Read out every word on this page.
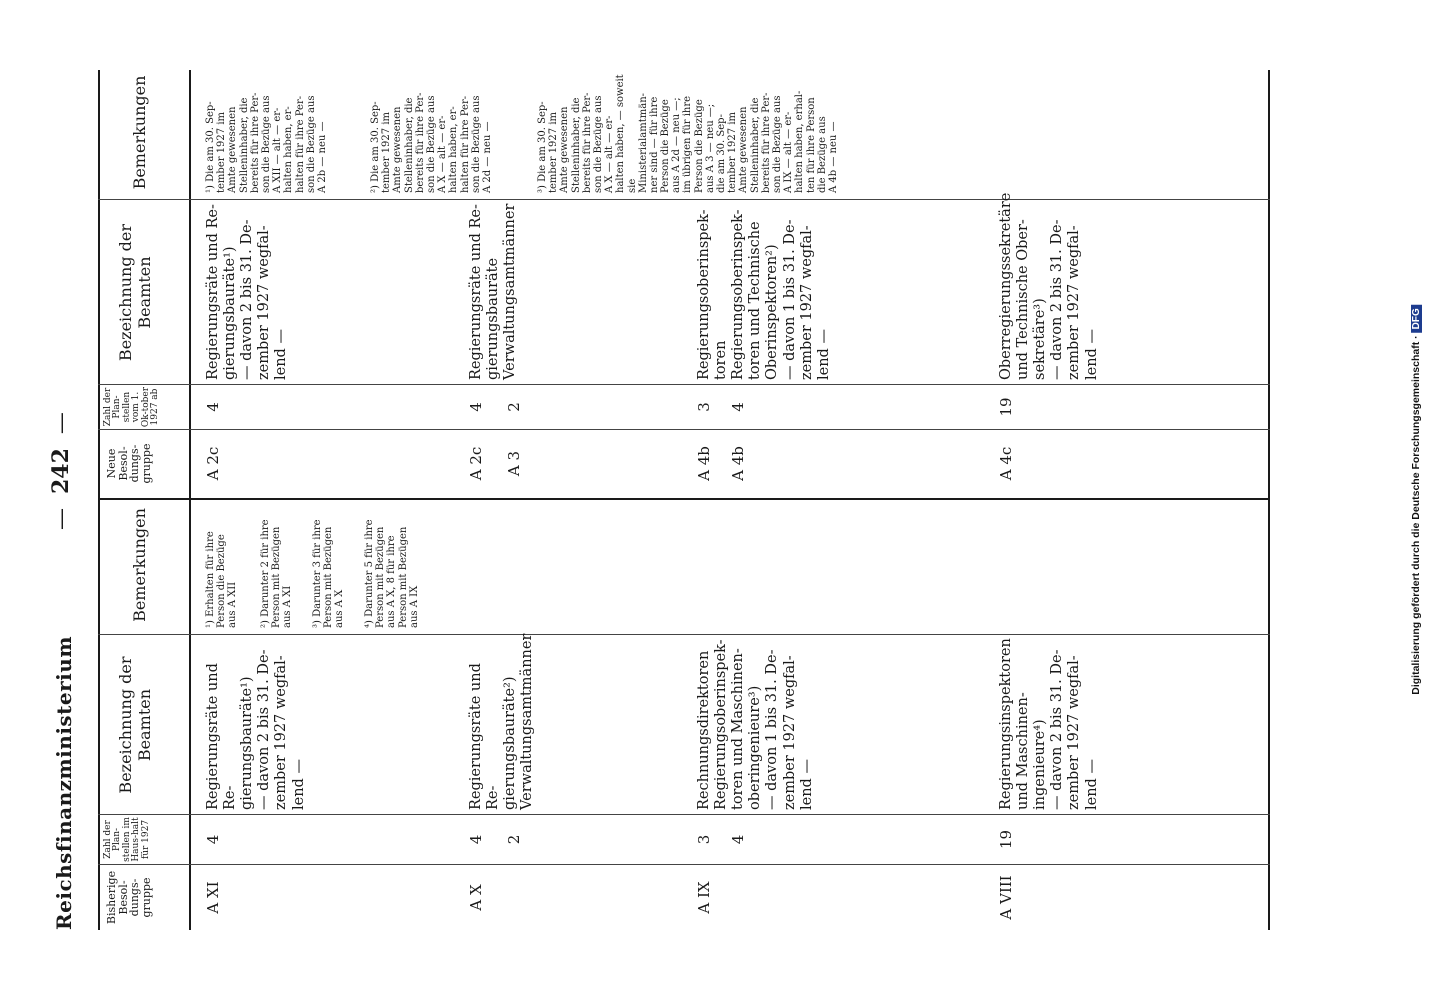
Reichsfinanzministerium
—  242  —
Bisherige Besol-dungs-gruppe
Zahl der Plan-stellen im Haus-halt für 1927
Bezeichnung der Beamten
Bemerkungen
Neue Besol-dungs-gruppe
Zahl der Plan-stellen vom 1. Ok-tober 1927 ab
Bezeichnung der Beamten
Bemerkungen
A XI
4
Regierungsräte und Re-
gierungsbauräte¹)
— davon 2 bis 31. De-
zember 1927 wegfal-
lend —
A X
4 2
Regierungsräte und Re-
gierungsbauräte²)
Verwaltungsamtmänner
A IX
3 4
Rechnungsdirektoren
Regierungsoberinspek-
toren und Maschinen-
oberingenieure³)
— davon 1 bis 31. De-
zember 1927 wegfal-
lend —
A VIII
19
Regierungsinspektoren
und Maschinen-
ingenieure⁴)
— davon 2 bis 31. De-
zember 1927 wegfal-
lend —
¹) Erhalten für ihre
Person die Bezüge
aus A XII
²) Darunter 2 für ihre
Person mit Bezügen
aus A XI
³) Darunter 3 für ihre
Person mit Bezügen
aus A X
⁴) Darunter 5 für ihre
Person mit Bezügen
aus A X, 8 für ihre
Person mit Bezügen
aus A IX
A 2c
4
Regierungsräte und Re-
gierungsbauräte¹)
— davon 2 bis 31. De-
zember 1927 wegfal-
lend —
A 2c A 3
4 2
Regierungsräte und Re-
gierungsbauräte
Verwaltungsamtmänner
A 4b A 4b
3 4
Regierungsoberinspek-
toren
Regierungsoberinspek-
toren und Technische
Oberinspektoren²)
— davon 1 bis 31. De-
zember 1927 wegfal-
lend —
A 4c
19
Oberregierungssekretäre
und Technische Ober-
sekretäre³)
— davon 2 bis 31. De-
zember 1927 wegfal-
lend —
¹) Die am 30. Sep-
tember 1927 im
Amte gewesenen
Stelleninhaber, die
bereits für ihre Per-
son die Bezüge aus
A XII — alt — er-
halten haben, er-
halten für ihre Per-
son die Bezüge aus
A 2b — neu —
²) Die am 30. Sep-
tember 1927 im
Amte gewesenen
Stelleninhaber, die
bereits für ihre Per-
son die Bezüge aus
A X — alt — er-
halten haben, er-
halten für ihre Per-
son die Bezüge aus
A 2d — neu —
³) Die am 30. Sep-
tember 1927 im
Amte gewesenen
Stelleninhaber, die
bereits für ihre Per-
son die Bezüge aus
A X — alt — er-
halten haben, — soweit sie
Ministerialamtmän-
ner sind — für ihre
Person die Bezüge
aus A 2d — neu —;
im übrigen für ihre
Person die Bezüge
aus A 3 — neu —;
die am 30. Sep-
tember 1927 im
Amte gewesenen
Stelleninhaber, die
bereits für ihre Per-
son die Bezüge aus
A IX — alt — er-
halten haben, erhal-
ten für ihre Person
die Bezüge aus
A 4b — neu —
Digitalisierung gefördert durch die Deutsche Forschungsgemeinschaft ·DFG
